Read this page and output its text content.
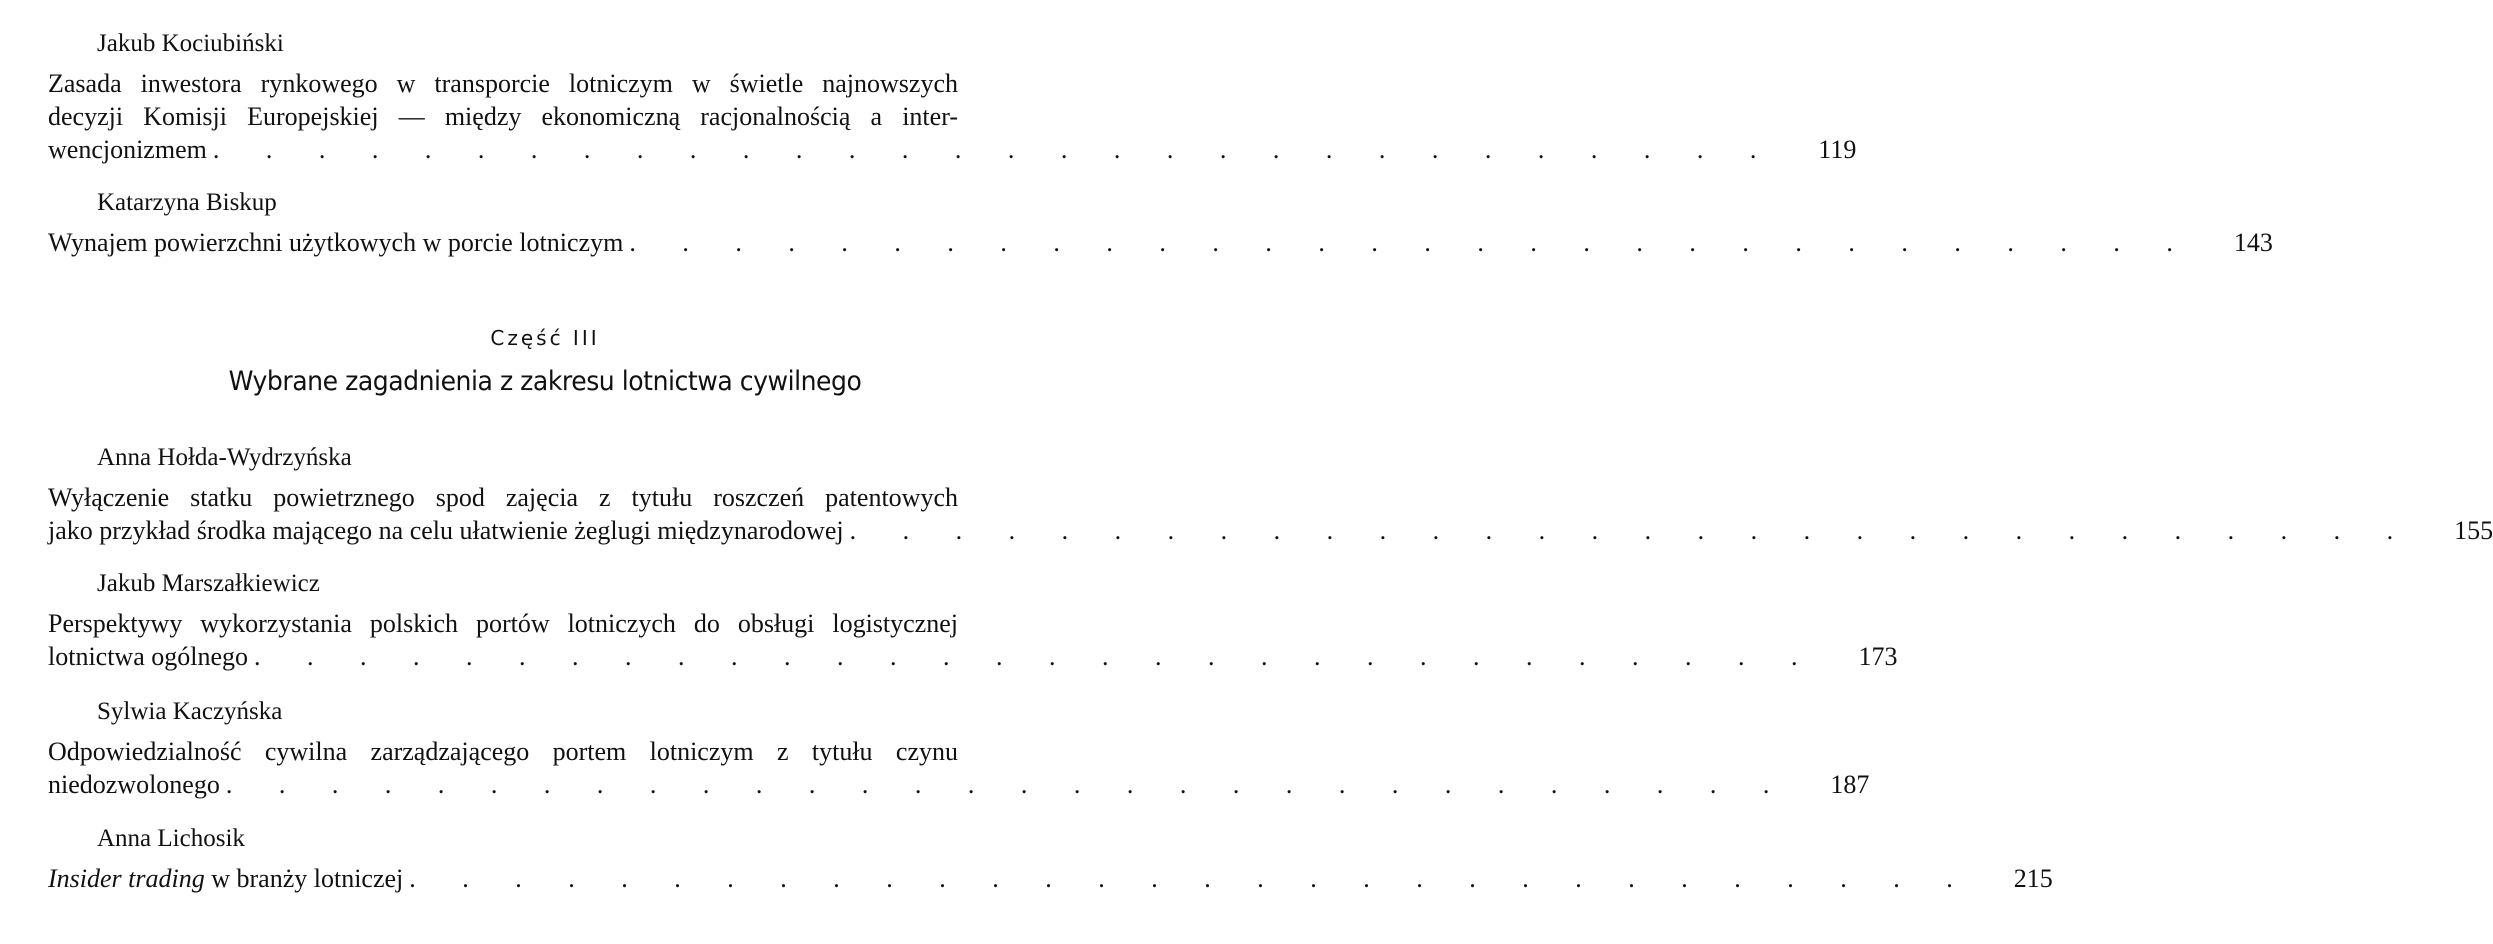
Jakub Kociubiński
Zasada inwestora rynkowego w transporcie lotniczym w świetle najnowszych
decyzji Komisji Europejskiej — między ekonomiczną racjonalnością a inter-
wencjonizmem . . . . . . . . . . . . . . . . . . . . . . . . . . . . . .	119
Katarzyna Biskup
Wynajem powierzchni użytkowych w porcie lotniczym . . . . . . . . . . . . . . . . . . . . . . . . . . . . . .	143
Część III
Wybrane zagadnienia z zakresu lotnictwa cywilnego
Anna Hołda-Wydrzyńska
Wyłączenie statku powietrznego spod zajęcia z tytułu roszczeń patentowych
jako przykład środka mającego na celu ułatwienie żeglugi międzynarodowej . . . . . . . . . . . . . . . . . . . . . . . . . . . . . .	155
Jakub Marszałkiewicz
Perspektywy wykorzystania polskich portów lotniczych do obsługi logistycznej
lotnictwa ogólnego . . . . . . . . . . . . . . . . . . . . . . . . . . . . . .	173
Sylwia Kaczyńska
Odpowiedzialność cywilna zarządzającego portem lotniczym z tytułu czynu
niedozwolonego . . . . . . . . . . . . . . . . . . . . . . . . . . . . . .	187
Anna Lichosik
Insider trading w branży lotniczej . . . . . . . . . . . . . . . . . . . . . . . . . . . . . .	215
